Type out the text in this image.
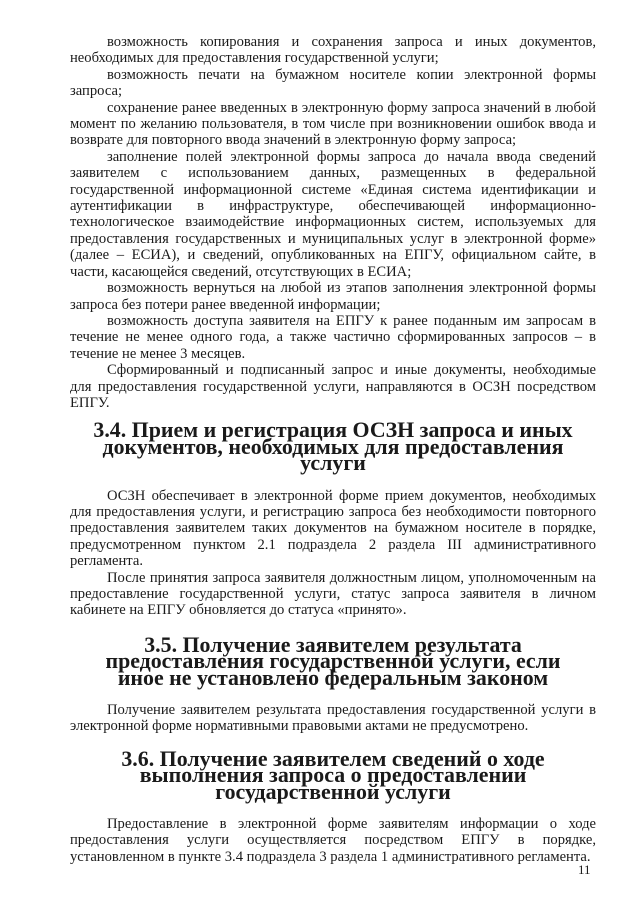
возможность копирования и сохранения запроса и иных документов, необходимых для предоставления государственной услуги;

возможность печати на бумажном носителе копии электронной формы запроса;

сохранение ранее введенных в электронную форму запроса значений в любой момент по желанию пользователя, в том числе при возникновении ошибок ввода и возврате для повторного ввода значений в электронную форму запроса;

заполнение полей электронной формы запроса до начала ввода сведений заявителем с использованием данных, размещенных в федеральной государственной информационной системе «Единая система идентификации и аутентификации в инфраструктуре, обеспечивающей информационно-технологическое взаимодействие информационных систем, используемых для предоставления государственных и муниципальных услуг в электронной форме» (далее – ЕСИА), и сведений, опубликованных на ЕПГУ, официальном сайте, в части, касающейся сведений, отсутствующих в ЕСИА;

возможность вернуться на любой из этапов заполнения электронной формы запроса без потери ранее введенной информации;

возможность доступа заявителя на ЕПГУ к ранее поданным им запросам в течение не менее одного года, а также частично сформированных запросов – в течение не менее 3 месяцев.

Сформированный и подписанный запрос и иные документы, необходимые для предоставления государственной услуги, направляются в ОСЗН посредством ЕПГУ.

3.4. Прием и регистрация ОСЗН запроса и иных документов, необходимых для предоставления услуги

ОСЗН обеспечивает в электронной форме прием документов, необходимых для предоставления услуги, и регистрацию запроса без необходимости повторного предоставления заявителем таких документов на бумажном носителе в порядке, предусмотренном пунктом 2.1 подраздела 2 раздела III административного регламента.

После принятия запроса заявителя должностным лицом, уполномоченным на предоставление государственной услуги, статус запроса заявителя в личном кабинете на ЕПГУ обновляется до статуса «принято».

3.5. Получение заявителем результата предоставления государственной услуги, если иное не установлено федеральным законом

Получение заявителем результата предоставления государственной услуги в электронной форме нормативными правовыми актами не предусмотрено.

3.6. Получение заявителем сведений о ходе выполнения запроса о предоставлении государственной услуги

Предоставление в электронной форме заявителям информации о ходе предоставления услуги осуществляется посредством ЕПГУ в порядке, установленном в пункте 3.4 подраздела 3 раздела 1 административного регламента.

11
